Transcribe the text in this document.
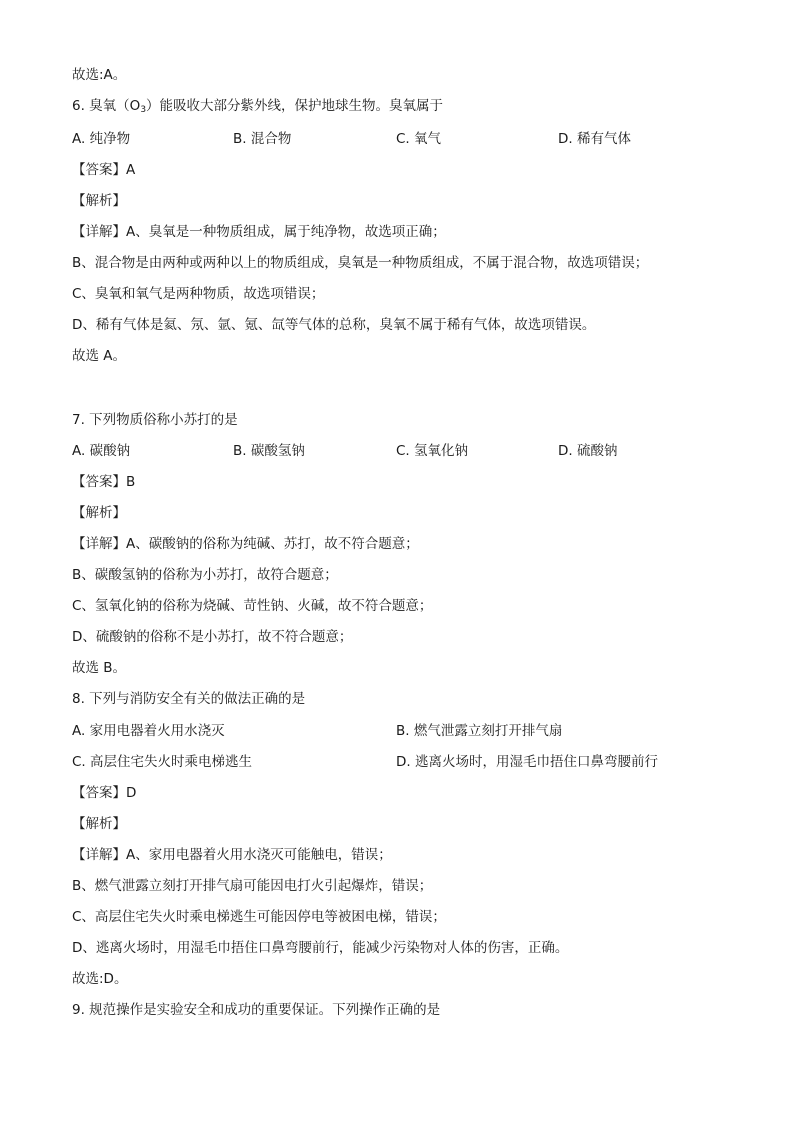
故选:A。
6. 臭氧$(O_3)$能吸收大部分紫外线，保护地球生物。臭氧属于
A. 纯净物	B. 混合物	C. 氧气	D. 稀有气体
【答案】A
【解析】
【详解】A、臭氧是一种物质组成，属于纯净物，故选项正确；
B、混合物是由两种或两种以上的物质组成，臭氧是一种物质组成，不属于混合物，故选项错误；
C、臭氧和氧气是两种物质，故选项错误；
D、稀有气体是氦、氖、氩、氪、氙等气体的总称，臭氧不属于稀有气体，故选项错误。
故选 A。
7. 下列物质俗称小苏打的是
A. 碳酸钠	B. 碳酸氢钠	C. 氢氧化钠	D. 硫酸钠
【答案】B
【解析】
【详解】A、碳酸钠的俗称为纯碱、苏打，故不符合题意；
B、碳酸氢钠的俗称为小苏打，故符合题意；
C、氢氧化钠的俗称为烧碱、苛性钠、火碱，故不符合题意；
D、硫酸钠的俗称不是小苏打，故不符合题意；
故选 B。
8. 下列与消防安全有关的做法正确的是
A. 家用电器着火用水浇灭	B. 燃气泄露立刻打开排气扇
C. 高层住宅失火时乘电梯逃生	D. 逃离火场时，用湿毛巾捂住口鼻弯腰前行
【答案】D
【解析】
【详解】A、家用电器着火用水浇灭可能触电，错误；
B、燃气泄露立刻打开排气扇可能因电打火引起爆炸，错误；
C、高层住宅失火时乘电梯逃生可能因停电等被困电梯，错误；
D、逃离火场时，用湿毛巾捂住口鼻弯腰前行，能减少污染物对人体的伤害，正确。
故选:D。
9. 规范操作是实验安全和成功的重要保证。下列操作正确的是
